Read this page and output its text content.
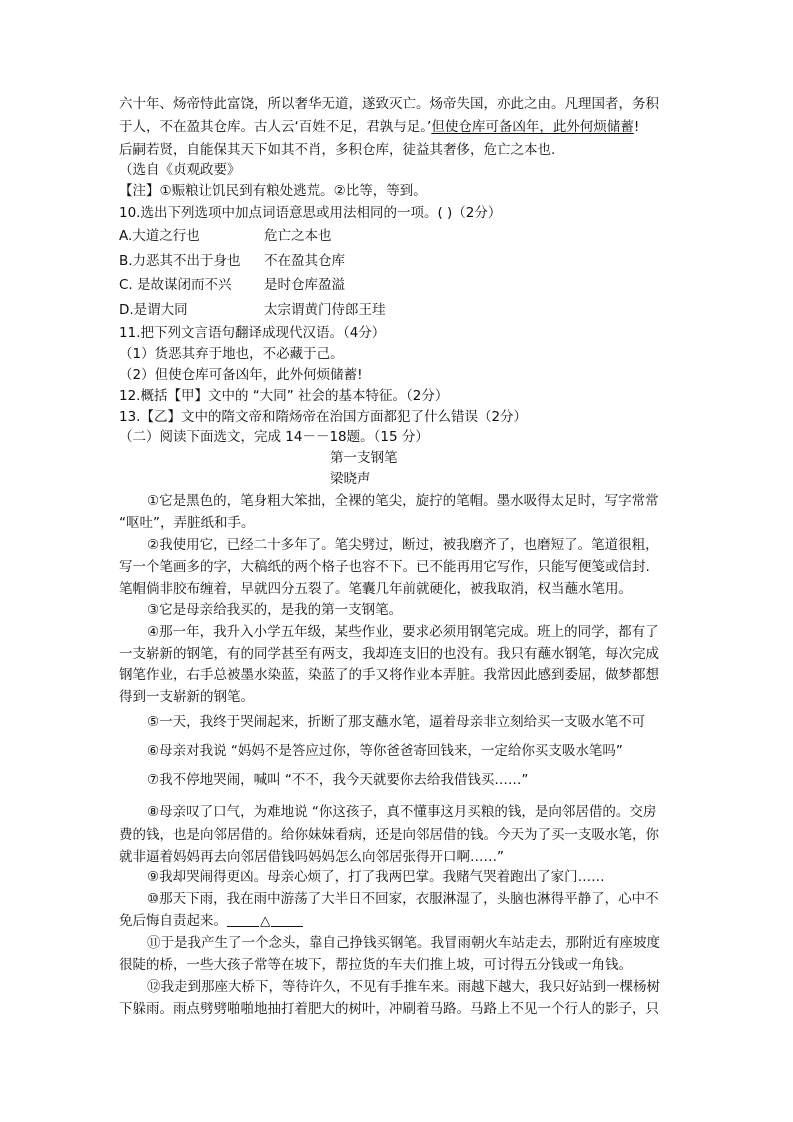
六十年、炀帝恃此富饶，所以奢华无道，遂致灭亡。炀帝失国，亦此之由。凡理国者，务积
于人，不在盈其仓库。古人云‘百姓不足，君孰与足。’但使仓库可备凶年，此外何烦储蓄!
后嗣若贤，自能保其天下如其不肖，多积仓库，徒益其奢侈，危亡之本也.
（选自《贞观政要》
【注】①赈粮让饥民到有粮处逃荒。②比等，等到。
10.选出下列选项中加点词语意思或用法相同的一项。( )（2分）
A.大道之行也	危亡之本也
B.力恶其不出于身也 不在盈其仓库
C. 是故谋闭而不兴 是时仓库盈溢
D.是谓大同	太宗谓黄门侍郎王珪
11.把下列文言语句翻译成现代汉语。（4分）
（1）货恶其弃于地也，不必藏于己。
（2）但使仓库可备凶年，此外何烦储蓄!
12.概括【甲】文中的 “大同” 社会的基本特征。（2分）
13.【乙】文中的隋文帝和隋炀帝在治国方面都犯了什么错误（2分）
（二）阅读下面选文，完成 14－－18题。（15 分）
第一支钢笔
梁晓声
①它是黑色的，笔身粗大笨拙，全裸的笔尖，旋拧的笔帽。墨水吸得太足时，写字常常
“呕吐”，弄脏纸和手。
②我使用它，已经二十多年了。笔尖劈过，断过，被我磨齐了，也磨短了。笔道很粗，
写一个笔画多的字，大稿纸的两个格子也容不下。已不能再用它写作，只能写便笺或信封.
笔帽倘非胶布缠着，早就四分五裂了。笔囊几年前就硬化，被我取消，权当蘸水笔用。
③它是母亲给我买的，是我的第一支钢笔。
④那一年，我升入小学五年级，某些作业，要求必须用钢笔完成。班上的同学，都有了
一支崭新的钢笔，有的同学甚至有两支，我却连支旧的也没有。我只有蘸水钢笔，每次完成
钢笔作业，右手总被墨水染蓝，染蓝了的手又将作业本弄脏。我常因此感到委屈，做梦都想
得到一支崭新的钢笔。
⑤一天，我终于哭闹起来，折断了那支蘸水笔，逼着母亲非立刻给买一支吸水笔不可
⑥母亲对我说 “妈妈不是答应过你，等你爸爸寄回钱来，一定给你买支吸水笔吗”
⑦我不停地哭闹，喊叫 “不不，我今天就要你去给我借钱买……”
⑧母亲叹了口气，为难地说 “你这孩子，真不懂事这月买粮的钱，是向邻居借的。交房
费的钱，也是向邻居借的。给你妹妹看病，还是向邻居借的钱。今天为了买一支吸水笔，你
就非逼着妈妈再去向邻居借钱吗妈妈怎么向邻居张得开口啊……”
⑨我却哭闹得更凶。母亲心烦了，打了我两巴掌。我赌气哭着跑出了家门……
⑩那天下雨，我在雨中游荡了大半日不回家，衣服淋湿了，头脑也淋得平静了，心中不
免后悔自责起来。 △
⑪于是我产生了一个念头，靠自己挣钱买钢笔。我冒雨朝火车站走去，那附近有座坡度
很陡的桥，一些大孩子常等在坡下，帮拉货的车夫们推上坡，可讨得五分钱或一角钱。
⑫我走到那座大桥下，等待许久，不见有手推车来。雨越下越大，我只好站到一棵杨树
下躲雨。雨点劈劈啪啪地抽打着肥大的树叶，冲刷着马路。马路上不见一个行人的影子，只
